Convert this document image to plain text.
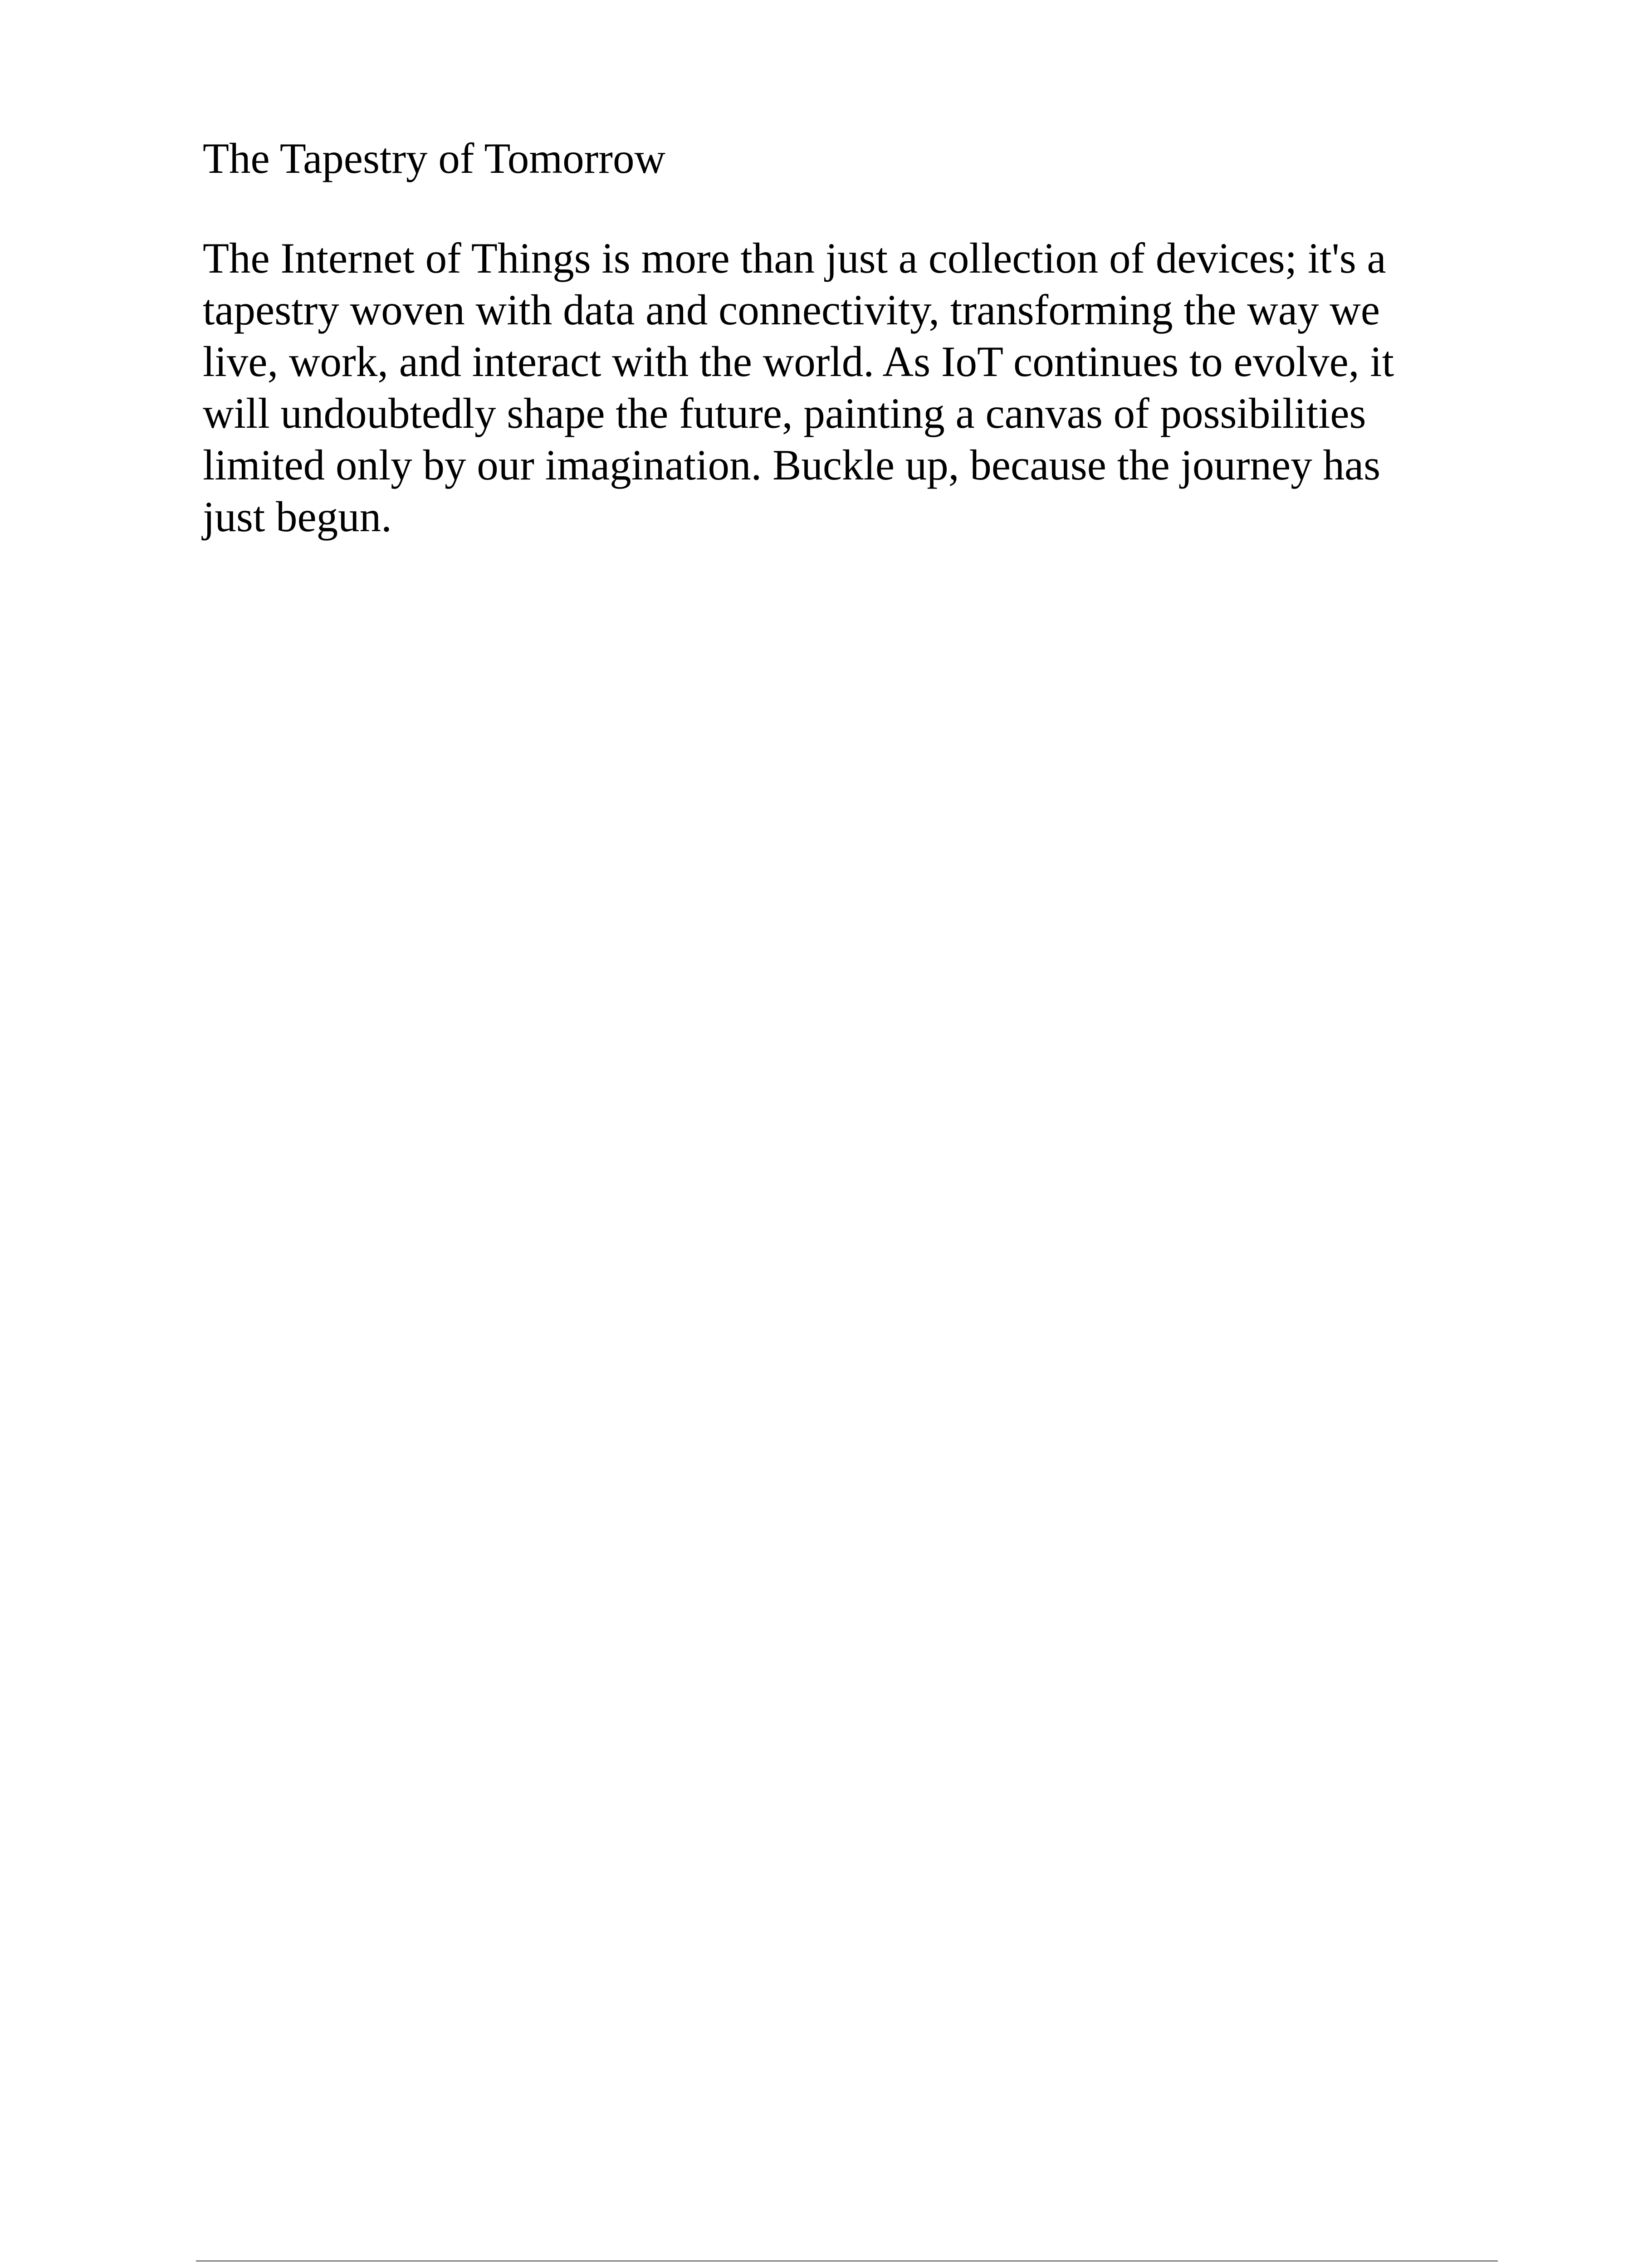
The Tapestry of Tomorrow

The Internet of Things is more than just a collection of devices; it's a
tapestry woven with data and connectivity, transforming the way we
live, work, and interact with the world. As IoT continues to evolve, it
will undoubtedly shape the future, painting a canvas of possibilities
limited only by our imagination. Buckle up, because the journey has
just begun.
